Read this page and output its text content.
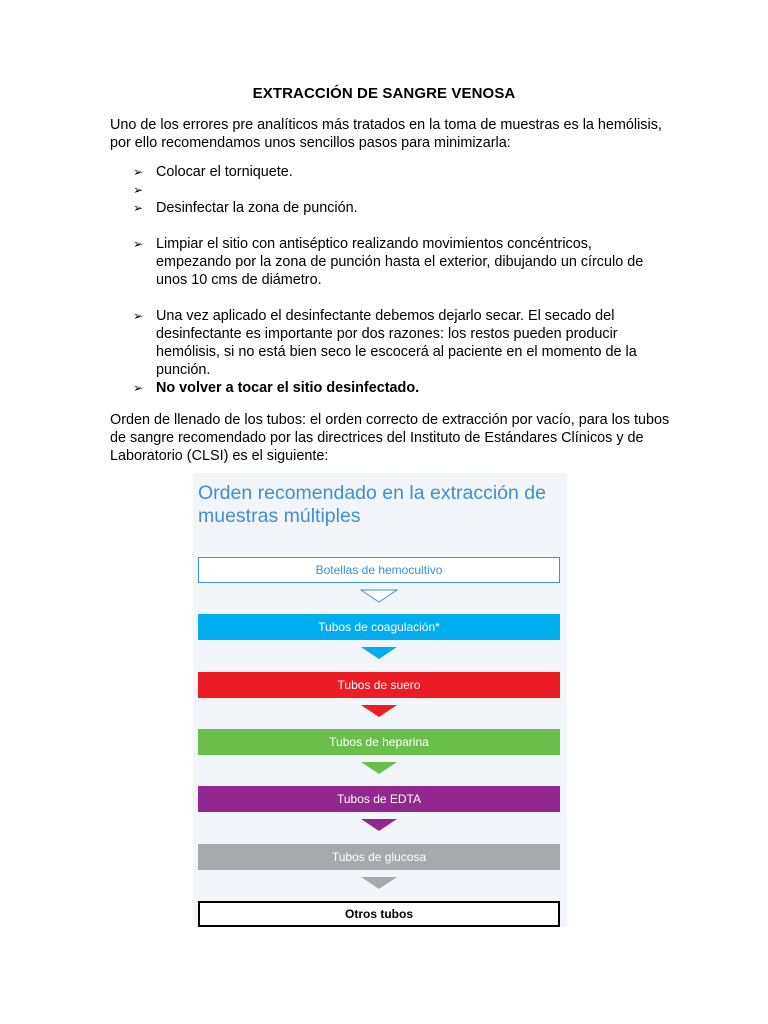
EXTRACCIÓN DE SANGRE VENOSA
Uno de los errores pre analíticos más tratados en la toma de muestras es la hemólisis, por ello recomendamos unos sencillos pasos para minimizarla:
➢ Colocar el torniquete.
➢
➢ Desinfectar la zona de punción.
➢ Limpiar el sitio con antiséptico realizando movimientos concéntricos, empezando por la zona de punción hasta el exterior, dibujando un círculo de unos 10 cms de diámetro.
➢ Una vez aplicado el desinfectante debemos dejarlo secar. El secado del desinfectante es importante por dos razones: los restos pueden producir hemólisis, si no está bien seco le escocerá al paciente en el momento de la punción.
➢ No volver a tocar el sitio desinfectado.
Orden de llenado de los tubos: el orden correcto de extracción por vacío, para los tubos de sangre recomendado por las directrices del Instituto de Estándares Clínicos y de Laboratorio (CLSI) es el siguiente:
Orden recomendado en la extracción de muestras múltiples
Botellas de hemocultivo
Tubos de coagulación*
Tubos de suero
Tubos de heparina
Tubos de EDTA
Tubos de glucosa
Otros tubos
